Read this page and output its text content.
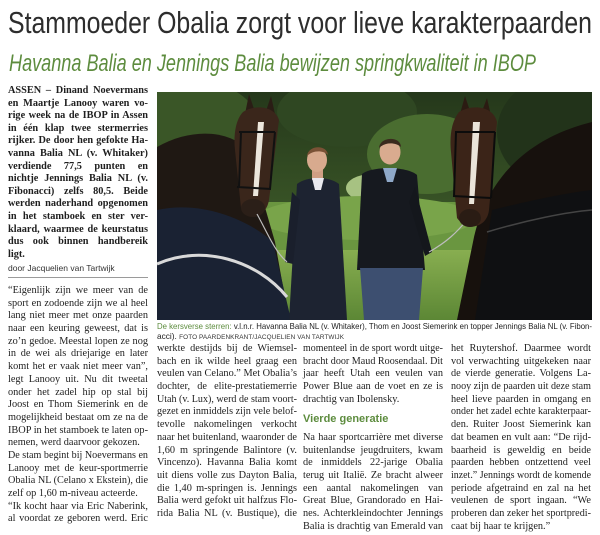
Stammoeder Obalia zorgt voor lieve karakterpaarden
Havanna Balia en Jennings Balia bewijzen springkwaliteit in IBOP
ASSEN – Dinand Noevermans
en Maartje Lanooy waren vo-
rige week na de IBOP in Assen
in één klap twee stermerries
rijker. De door hen gefokte Ha-
vanna Balia NL (v. Whitaker)
verdiende 77,5 punten en
nichtje Jennings Balia NL (v.
Fibonacci) zelfs 80,5. Beide
werden naderhand opgenomen
in het stamboek en ster ver-
klaard, waarmee de keurstatus
dus ook binnen handbereik
ligt.
door Jacquelien van Tartwijk
De kersverse sterren: v.l.n.r. Havanna Balia NL (v. Whitaker), Thom en Joost Siemerink en topper Jennings Balia NL (v. Fibon-
acci). FOTO PAARDENKRANT/JACQUELIEN VAN TARTWIJK
“Eigenlijk zijn we meer van de
sport en zodoende zijn we al heel
lang niet meer met onze paarden
naar een keuring geweest, dat is
zo’n gedoe. Meestal lopen ze nog
in de wei als driejarige en later
komt het er vaak niet meer van”,
legt Lanooy uit. Nu dit tweetal
onder het zadel hip op stal bij
Joost en Thom Siemerink en de
mogelijkheid bestaat om ze na de
IBOP in het stamboek te laten op-
nemen, werd daarvoor gekozen.
De stam begint bij Noevermans en
Lanooy met de keur-sportmerrie
Obalia NL (Celano x Ekstein), die
zelf op 1,60 m-niveau acteerde.
“Ik kocht haar via Eric Naberink,
al voordat ze geboren werd. Eric
werkte destijds bij de Wiemsel-
bach en ik wilde heel graag een
veulen van Celano.” Met Obalia’s
dochter, de elite-prestatiemerrie
Utah (v. Lux), werd de stam voort-
gezet en inmiddels zijn vele belof-
tevolle nakomelingen verkocht
naar het buitenland, waaronder de
1,60 m springende Balintore (v.
Vincenzo). Havanna Balia komt
uit diens volle zus Dayton Balia,
die 1,40 m-springen is. Jennings
Balia werd gefokt uit halfzus Flo-
rida Balia NL (v. Bustique), die
momenteel in de sport wordt uitge-
bracht door Maud Roosendaal. Dit
jaar heeft Utah een veulen van
Power Blue aan de voet en ze is
drachtig van Ibolensky.
Vierde generatie
Na haar sportcarrière met diverse
buitenlandse jeugdruiters, kwam
de inmiddels 22-jarige Obalia
terug uit Italië. Ze bracht alweer
een aantal nakomelingen van
Great Blue, Grandorado en Hai-
nes. Achterkleindochter Jennings
Balia is drachtig van Emerald van
het Ruytershof. Daarmee wordt
vol verwachting uitgekeken naar
de vierde generatie. Volgens La-
nooy zijn de paarden uit deze stam
heel lieve paarden in omgang en
onder het zadel echte karakterpaar-
den. Ruiter Joost Siemerink kan
dat beamen en vult aan: “De rijd-
baarheid is geweldig en beide
paarden hebben ontzettend veel
inzet.” Jennings wordt de komende
periode afgetraind en zal na het
veulenen de sport ingaan. “We
proberen dan zeker het sportpredi-
caat bij haar te krijgen.”
